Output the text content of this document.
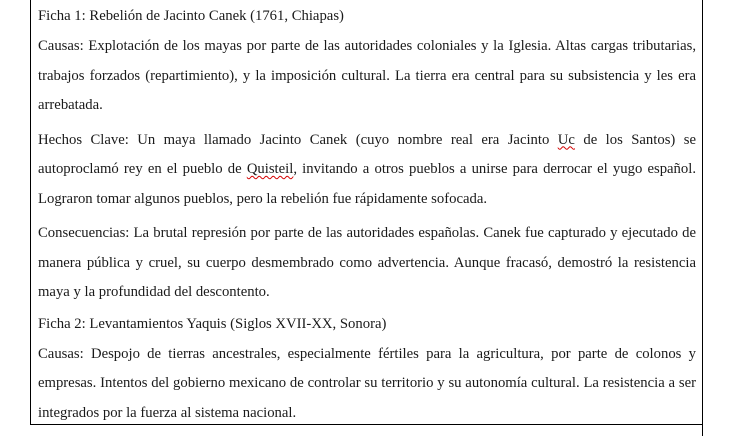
Ficha 1: Rebelión de Jacinto Canek (1761, Chiapas)

Causas: Explotación de los mayas por parte de las autoridades coloniales y la Iglesia. Altas cargas tributarias, trabajos forzados (repartimiento), y la imposición cultural. La tierra era central para su subsistencia y les era arrebatada.

Hechos Clave: Un maya llamado Jacinto Canek (cuyo nombre real era Jacinto Uc de los Santos) se autoproclamó rey en el pueblo de Quisteil, invitando a otros pueblos a unirse para derrocar el yugo español. Lograron tomar algunos pueblos, pero la rebelión fue rápidamente sofocada.

Consecuencias: La brutal represión por parte de las autoridades españolas. Canek fue capturado y ejecutado de manera pública y cruel, su cuerpo desmembrado como advertencia. Aunque fracasó, demostró la resistencia maya y la profundidad del descontento.

Ficha 2: Levantamientos Yaquis (Siglos XVII-XX, Sonora)

Causas: Despojo de tierras ancestrales, especialmente fértiles para la agricultura, por parte de colonos y empresas. Intentos del gobierno mexicano de controlar su territorio y su autonomía cultural. La resistencia a ser integrados por la fuerza al sistema nacional.
